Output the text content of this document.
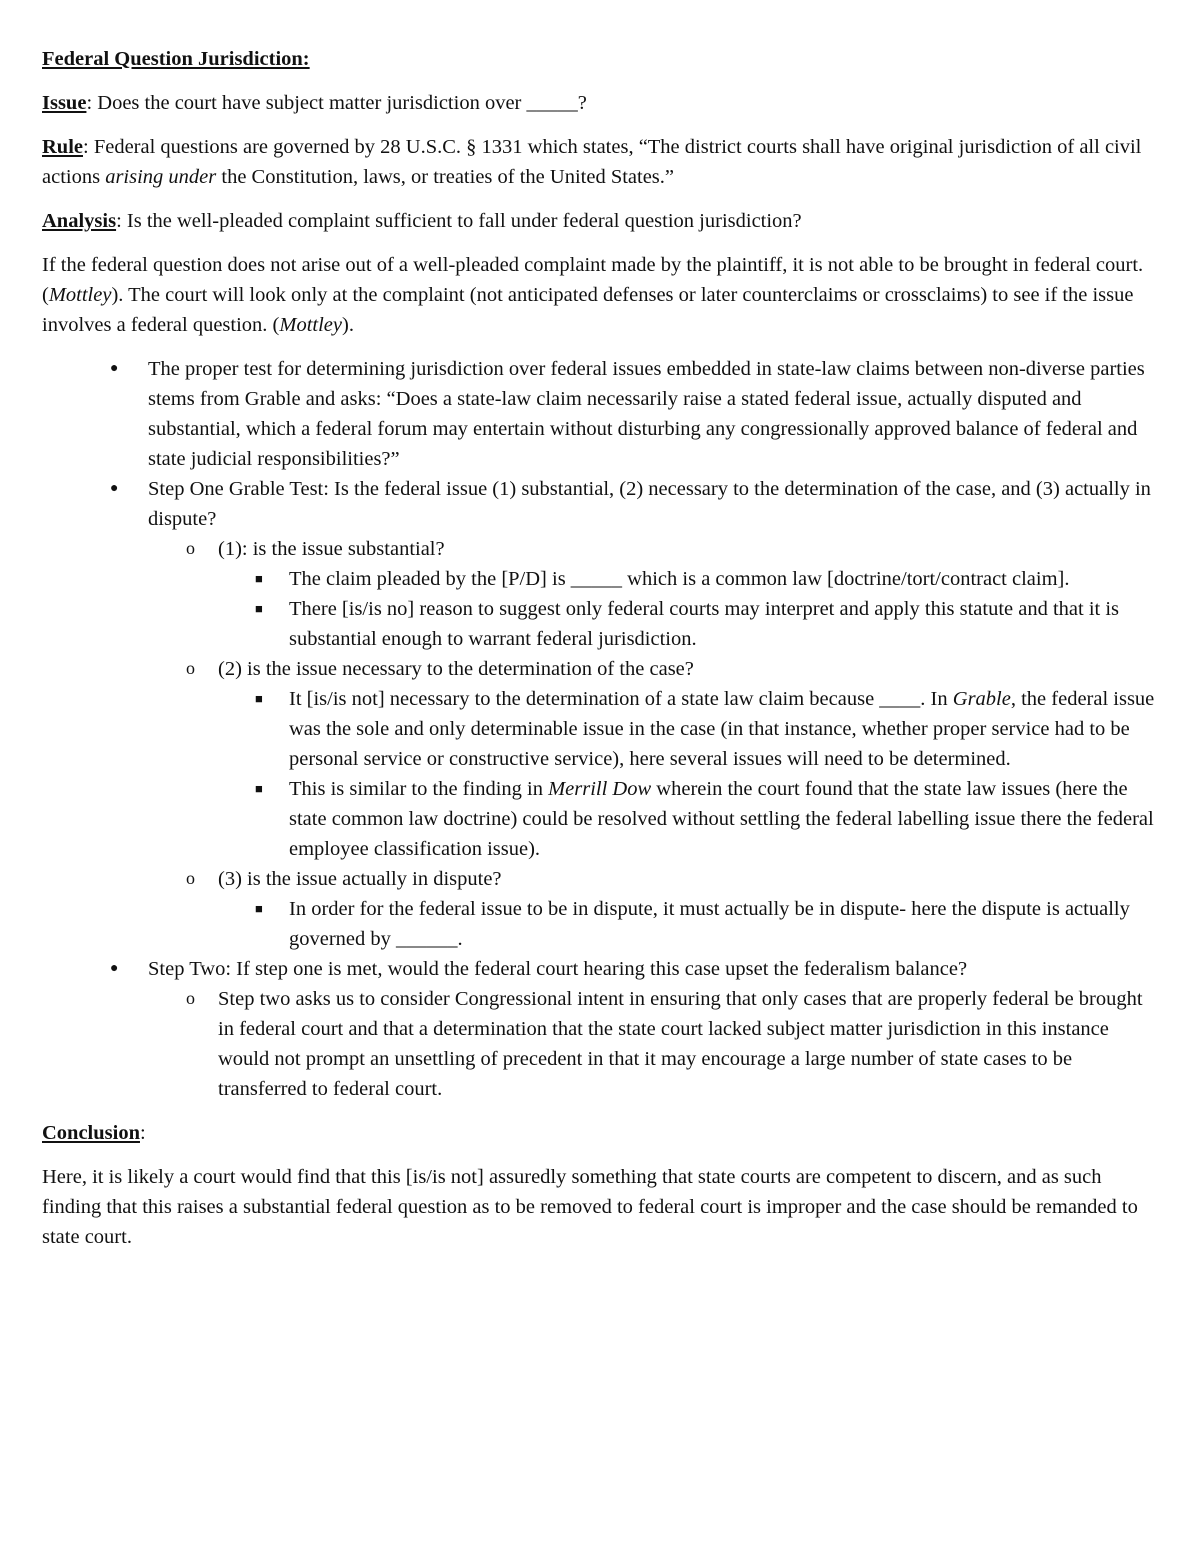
Federal Question Jurisdiction:

Issue: Does the court have subject matter jurisdiction over _____?

Rule: Federal questions are governed by 28 U.S.C. § 1331 which states, “The district courts shall have original jurisdiction of all civil actions arising under the Constitution, laws, or treaties of the United States.”

Analysis: Is the well-pleaded complaint sufficient to fall under federal question jurisdiction?

If the federal question does not arise out of a well-pleaded complaint made by the plaintiff, it is not able to be brought in federal court. (Mottley). The court will look only at the complaint (not anticipated defenses or later counterclaims or crossclaims) to see if the issue involves a federal question. (Mottley).

●	The proper test for determining jurisdiction over federal issues embedded in state-law claims between non-diverse parties stems from Grable and asks: “Does a state-law claim necessarily raise a stated federal issue, actually disputed and substantial, which a federal forum may entertain without disturbing any congressionally approved balance of federal and state judicial responsibilities?”
●	Step One Grable Test: Is the federal issue (1) substantial, (2) necessary to the determination of the case, and (3) actually in dispute?
o	(1): is the issue substantial?
■	The claim pleaded by the [P/D] is _____ which is a common law [doctrine/tort/contract claim].
■	There [is/is no] reason to suggest only federal courts may interpret and apply this statute and that it is substantial enough to warrant federal jurisdiction.
o	(2) is the issue necessary to the determination of the case?
■	It [is/is not] necessary to the determination of a state law claim because ____. In Grable, the federal issue was the sole and only determinable issue in the case (in that instance, whether proper service had to be personal service or constructive service), here several issues will need to be determined.
■	This is similar to the finding in Merrill Dow wherein the court found that the state law issues (here the state common law doctrine) could be resolved without settling the federal labelling issue there the federal employee classification issue).
o	(3) is the issue actually in dispute?
■	In order for the federal issue to be in dispute, it must actually be in dispute- here the dispute is actually governed by ______.
●	Step Two: If step one is met, would the federal court hearing this case upset the federalism balance?
o	Step two asks us to consider Congressional intent in ensuring that only cases that are properly federal be brought in federal court and that a determination that the state court lacked subject matter jurisdiction in this instance would not prompt an unsettling of precedent in that it may encourage a large number of state cases to be transferred to federal court.

Conclusion:

Here, it is likely a court would find that this [is/is not] assuredly something that state courts are competent to discern, and as such finding that this raises a substantial federal question as to be removed to federal court is improper and the case should be remanded to state court.
